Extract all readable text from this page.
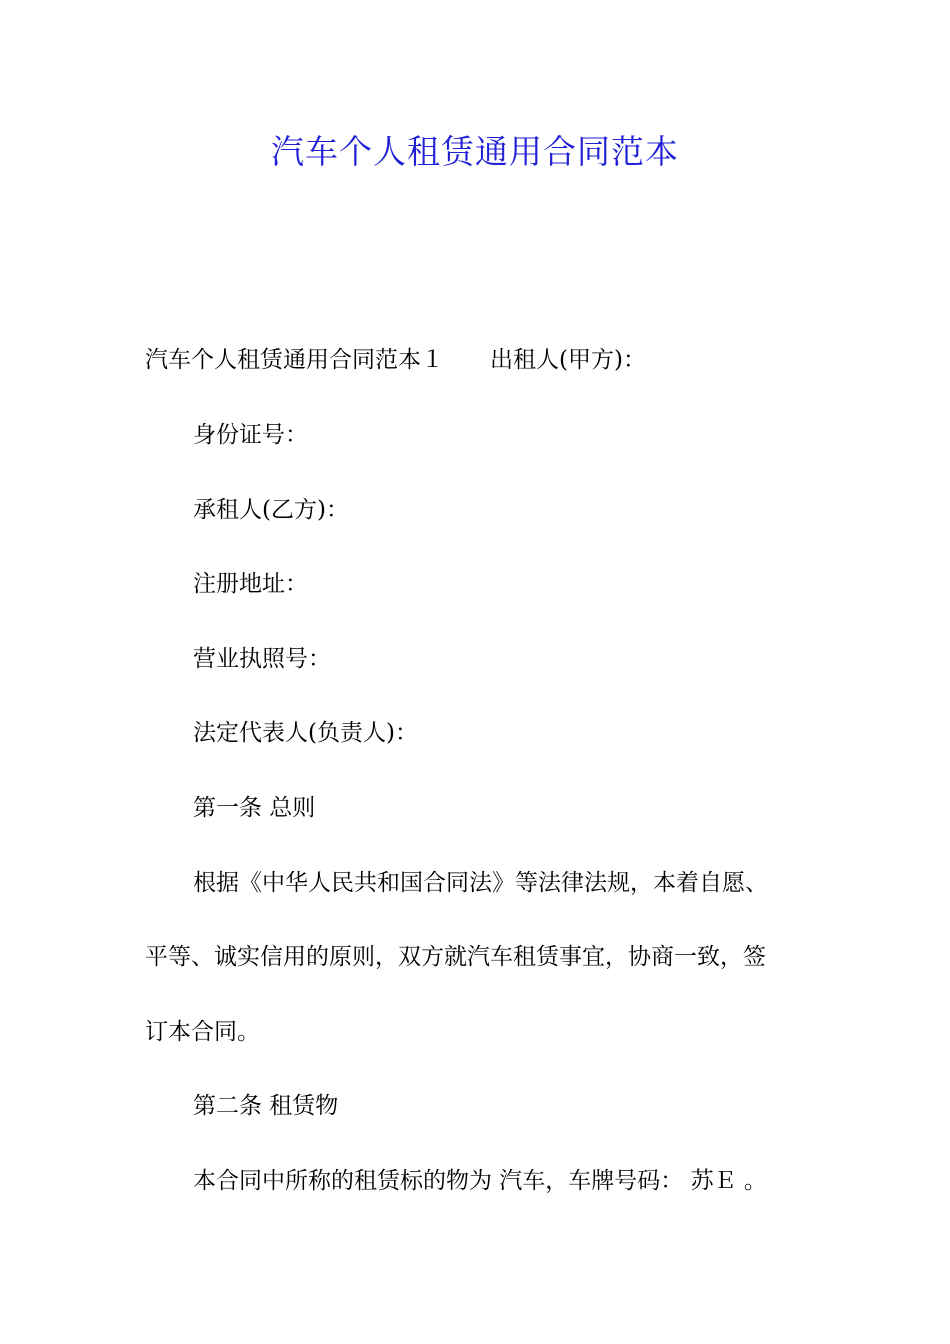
汽车个人租赁通用合同范本

汽车个人租赁通用合同范本１ 出租人(甲方)：

身份证号：

承租人(乙方)：

注册地址：

营业执照号：

法定代表人(负责人)：

第一条 总则

根据《中华人民共和国合同法》等法律法规，本着自愿、

平等、诚实信用的原则，双方就汽车租赁事宜，协商一致，签

订本合同。

第二条 租赁物

本合同中所称的租赁标的物为 汽车，车牌号码： 苏Ｅ 。
